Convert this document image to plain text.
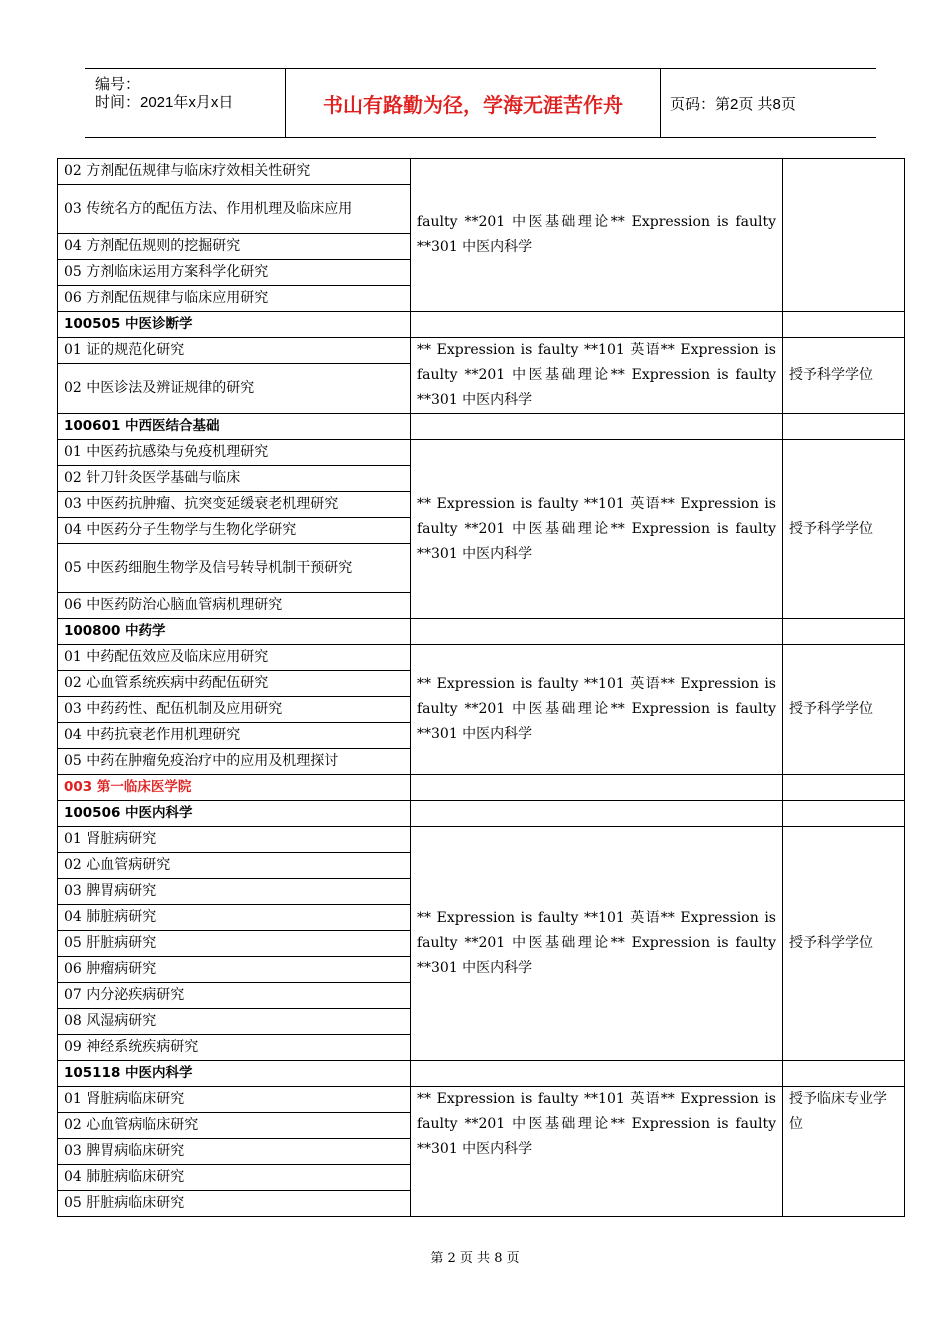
编号：
时间：2021年x月x日	书山有路勤为径，学海无涯苦作舟	页码：第2页 共8页
02 方剂配伍规律与临床疗效相关性研究	faulty **201 中医基础理论** Expression is faulty **301 中医内科学	
03 传统名方的配伍方法、作用机理及临床应用		
04 方剂配伍规则的挖掘研究		
05 方剂临床运用方案科学化研究		
06 方剂配伍规律与临床应用研究		
100505 中医诊断学		
01 证的规范化研究	** Expression is faulty **101 英语** Expression is faulty **201 中医基础理论** Expression is faulty **301 中医内科学	授予科学学位
02 中医诊法及辨证规律的研究		
100601 中西医结合基础		
01 中医药抗感染与免疫机理研究	** Expression is faulty **101 英语** Expression is faulty **201 中医基础理论** Expression is faulty **301 中医内科学	授予科学学位
02 针刀针灸医学基础与临床		
03 中医药抗肿瘤、抗突变延缓衰老机理研究		
04 中医药分子生物学与生物化学研究		
05 中医药细胞生物学及信号转导机制干预研究		
06 中医药防治心脑血管病机理研究		
100800 中药学		
01 中药配伍效应及临床应用研究	** Expression is faulty **101 英语** Expression is faulty **201 中医基础理论** Expression is faulty **301 中医内科学	授予科学学位
02 心血管系统疾病中药配伍研究		
03 中药药性、配伍机制及应用研究		
04 中药抗衰老作用机理研究		
05 中药在肿瘤免疫治疗中的应用及机理探讨		
003 第一临床医学院		
100506 中医内科学		
01 肾脏病研究	** Expression is faulty **101 英语** Expression is faulty **201 中医基础理论** Expression is faulty **301 中医内科学	授予科学学位
02 心血管病研究		
03 脾胃病研究		
04 肺脏病研究		
05 肝脏病研究		
06 肿瘤病研究		
07 内分泌疾病研究		
08 风湿病研究		
09 神经系统疾病研究		
105118 中医内科学		
01 肾脏病临床研究	** Expression is faulty **101 英语** Expression is faulty **201 中医基础理论** Expression is faulty **301 中医内科学	授予临床专业学位
02 心血管病临床研究		
03 脾胃病临床研究		
04 肺脏病临床研究		
05 肝脏病临床研究		
第 2 页 共 8 页
